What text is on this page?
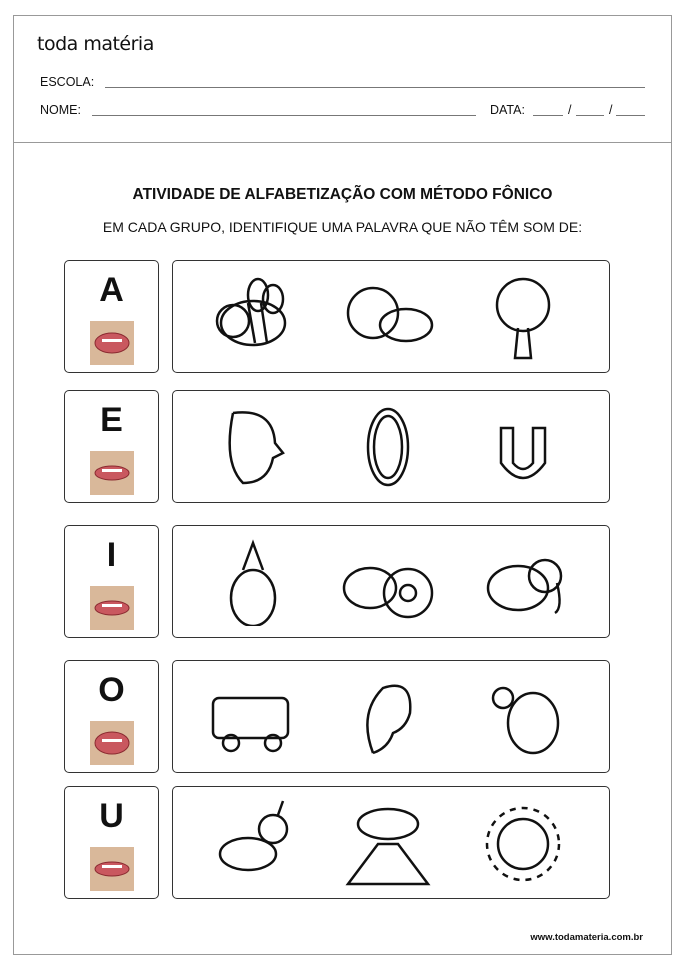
toda matéria
ESCOLA:
NOME:	DATA:	/	/
ATIVIDADE DE ALFABETIZAÇÃO COM MÉTODO FÔNICO
EM CADA GRUPO, IDENTIFIQUE UMA PALAVRA QUE NÃO TÊM SOM DE:
A
E
I
O
U
www.todamateria.com.br
